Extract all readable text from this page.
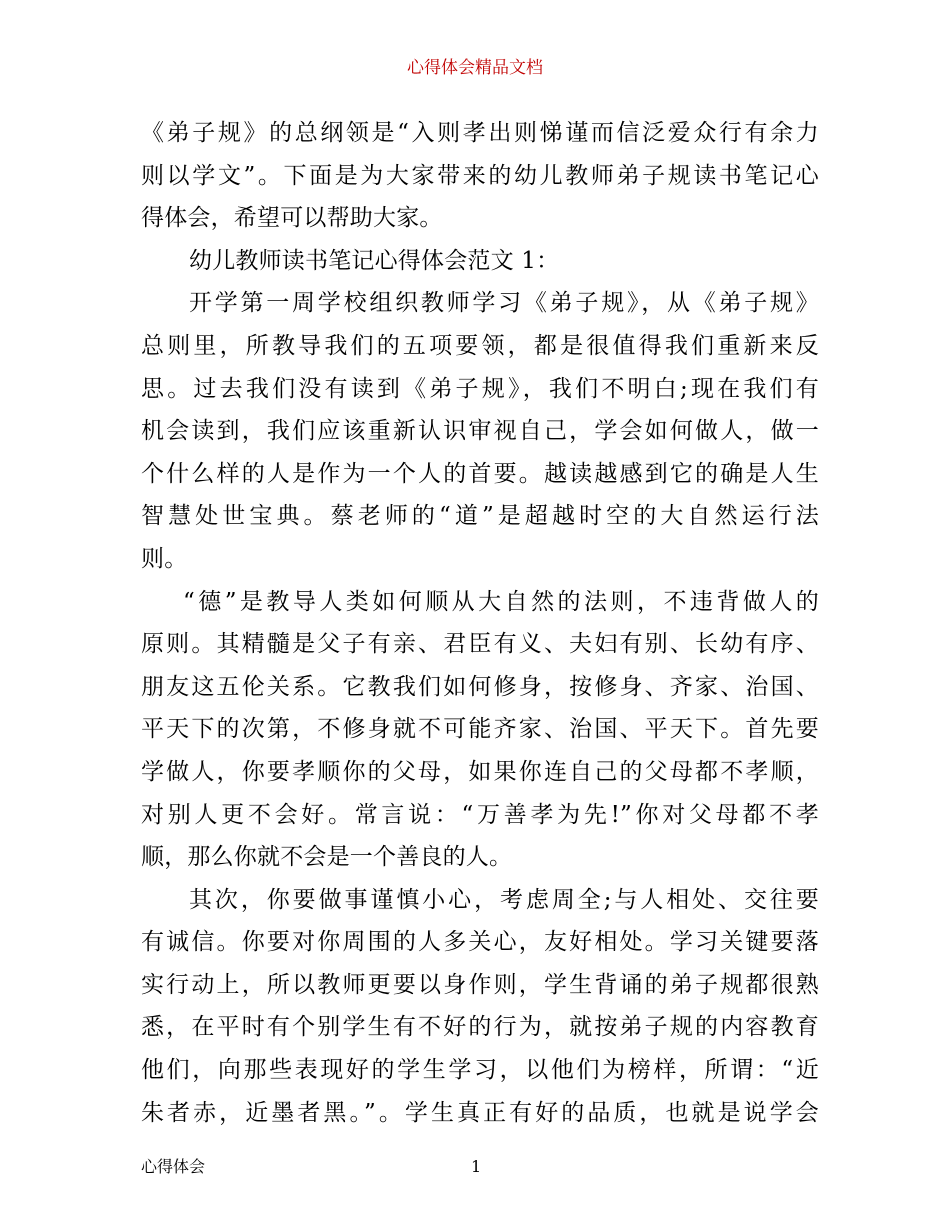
心得体会精品文档
《弟子规》的总纲领是“入则孝出则悌谨而信泛爱众行有余力
则以学文”。下面是为大家带来的幼儿教师弟子规读书笔记心
得体会，希望可以帮助大家。
幼儿教师读书笔记心得体会范文 1：
开学第一周学校组织教师学习《弟子规》，从《弟子规》
总则里，所教导我们的五项要领，都是很值得我们重新来反
思。过去我们没有读到《弟子规》，我们不明白;现在我们有
机会读到，我们应该重新认识审视自己，学会如何做人，做一
个什么样的人是作为一个人的首要。越读越感到它的确是人生
智慧处世宝典。蔡老师的“道”是超越时空的大自然运行法
则。
“德”是教导人类如何顺从大自然的法则，不违背做人的
原则。其精髓是父子有亲、君臣有义、夫妇有别、长幼有序、
朋友这五伦关系。它教我们如何修身，按修身、齐家、治国、
平天下的次第，不修身就不可能齐家、治国、平天下。首先要
学做人，你要孝顺你的父母，如果你连自己的父母都不孝顺，
对别人更不会好。常言说：“万善孝为先!”你对父母都不孝
顺，那么你就不会是一个善良的人。
其次，你要做事谨慎小心，考虑周全;与人相处、交往要
有诚信。你要对你周围的人多关心，友好相处。学习关键要落
实行动上，所以教师更要以身作则，学生背诵的弟子规都很熟
悉，在平时有个别学生有不好的行为，就按弟子规的内容教育
他们，向那些表现好的学生学习，以他们为榜样，所谓：“近
朱者赤，近墨者黑。”。学生真正有好的品质，也就是说学会
心得体会	1
